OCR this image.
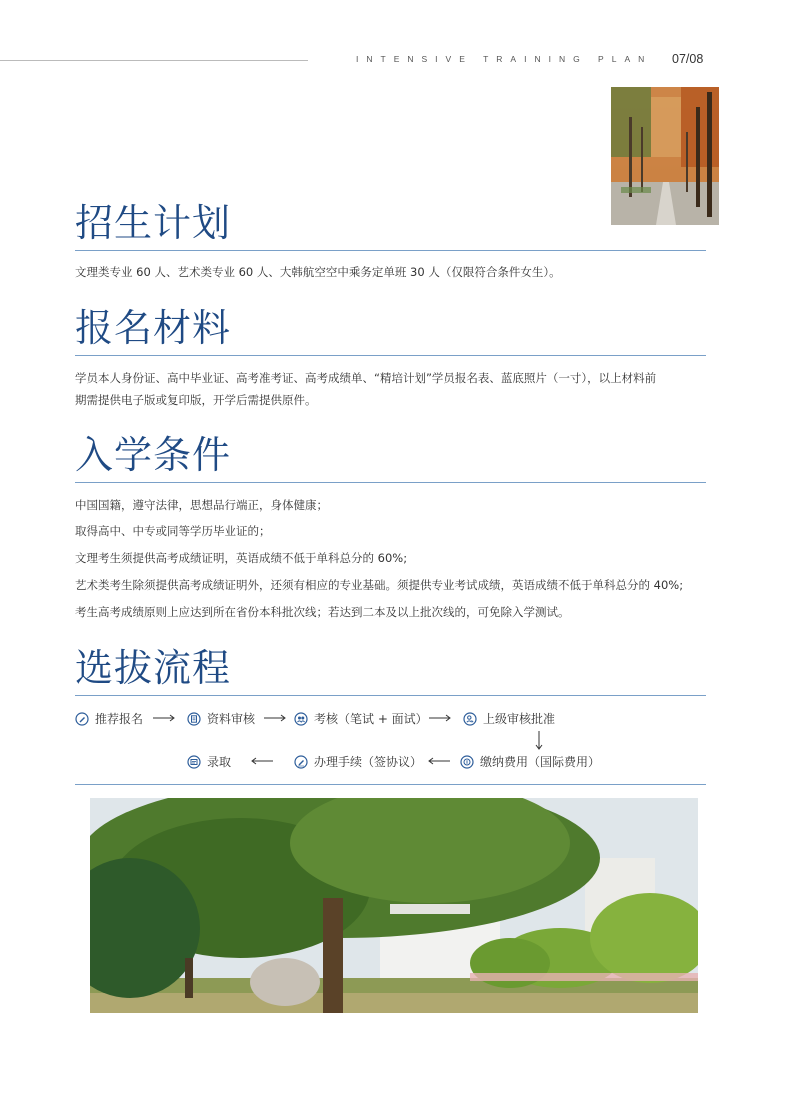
INTENSIVE TRAINING PLAN 07/08
招生计划
文理类专业 60 人、艺术类专业 60 人、大韩航空空中乘务定单班 30 人（仅限符合条件女生）。
报名材料
学员本人身份证、高中毕业证、高考准考证、高考成绩单、“精培计划”学员报名表、蓝底照片（一寸），以上材料前
期需提供电子版或复印版，开学后需提供原件。
入学条件
中国国籍，遵守法律，思想品行端正，身体健康；
取得高中、中专或同等学历毕业证的；
文理考生须提供高考成绩证明，英语成绩不低于单科总分的 60%;
艺术类考生除须提供高考成绩证明外，还须有相应的专业基础。须提供专业考试成绩，英语成绩不低于单科总分的 40%;
考生高考成绩原则上应达到所在省份本科批次线；若达到二本及以上批次线的，可免除入学测试。
选拔流程
推荐报名	资料审核	考核（笔试 + 面试）	上级审核批准
录取	办理手续（签协议）	缴纳费用（国际费用）
